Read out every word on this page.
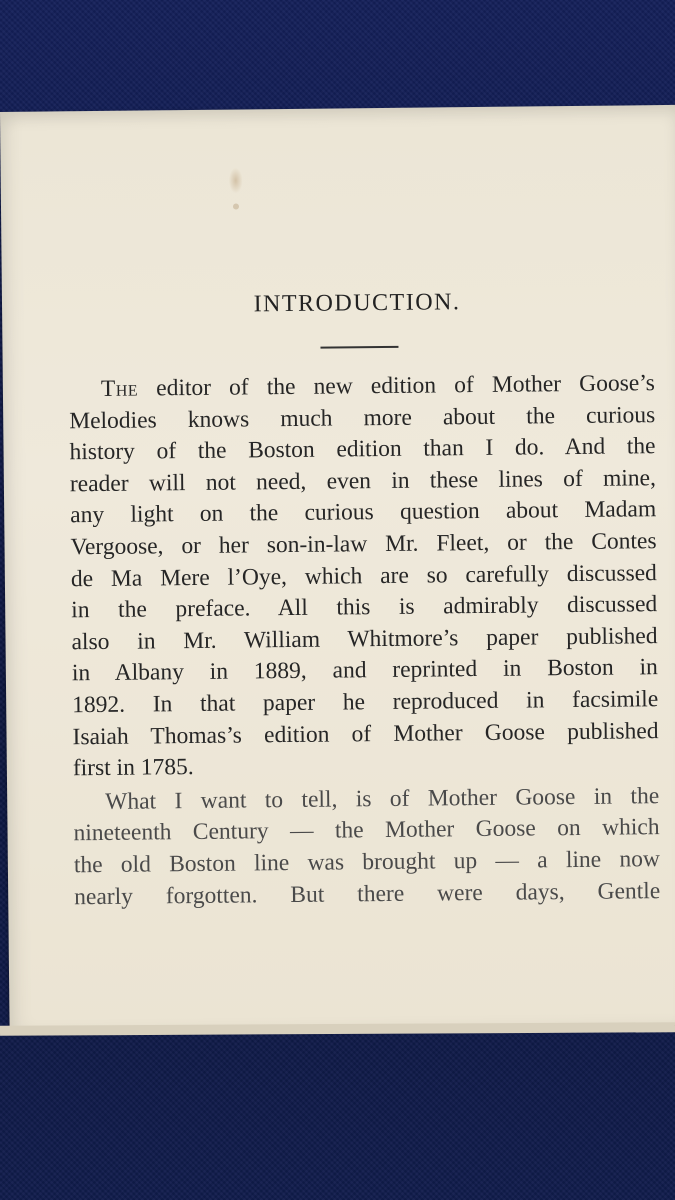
INTRODUCTION.
The editor of the new edition of Mother Goose’s
Melodies knows much more about the curious
history of the Boston edition than I do. And the
reader will not need, even in these lines of mine,
any light on the curious question about Madam
Vergoose, or her son-in-law Mr. Fleet, or the Contes
de Ma Mere l’Oye, which are so carefully discussed
in the preface. All this is admirably discussed
also in Mr. William Whitmore’s paper published
in Albany in 1889, and reprinted in Boston in
1892. In that paper he reproduced in facsimile
Isaiah Thomas’s edition of Mother Goose published
first in 1785.
What I want to tell, is of Mother Goose in the
nineteenth Century — the Mother Goose on which
the old Boston line was brought up — a line now
nearly forgotten. But there were days, Gentle
